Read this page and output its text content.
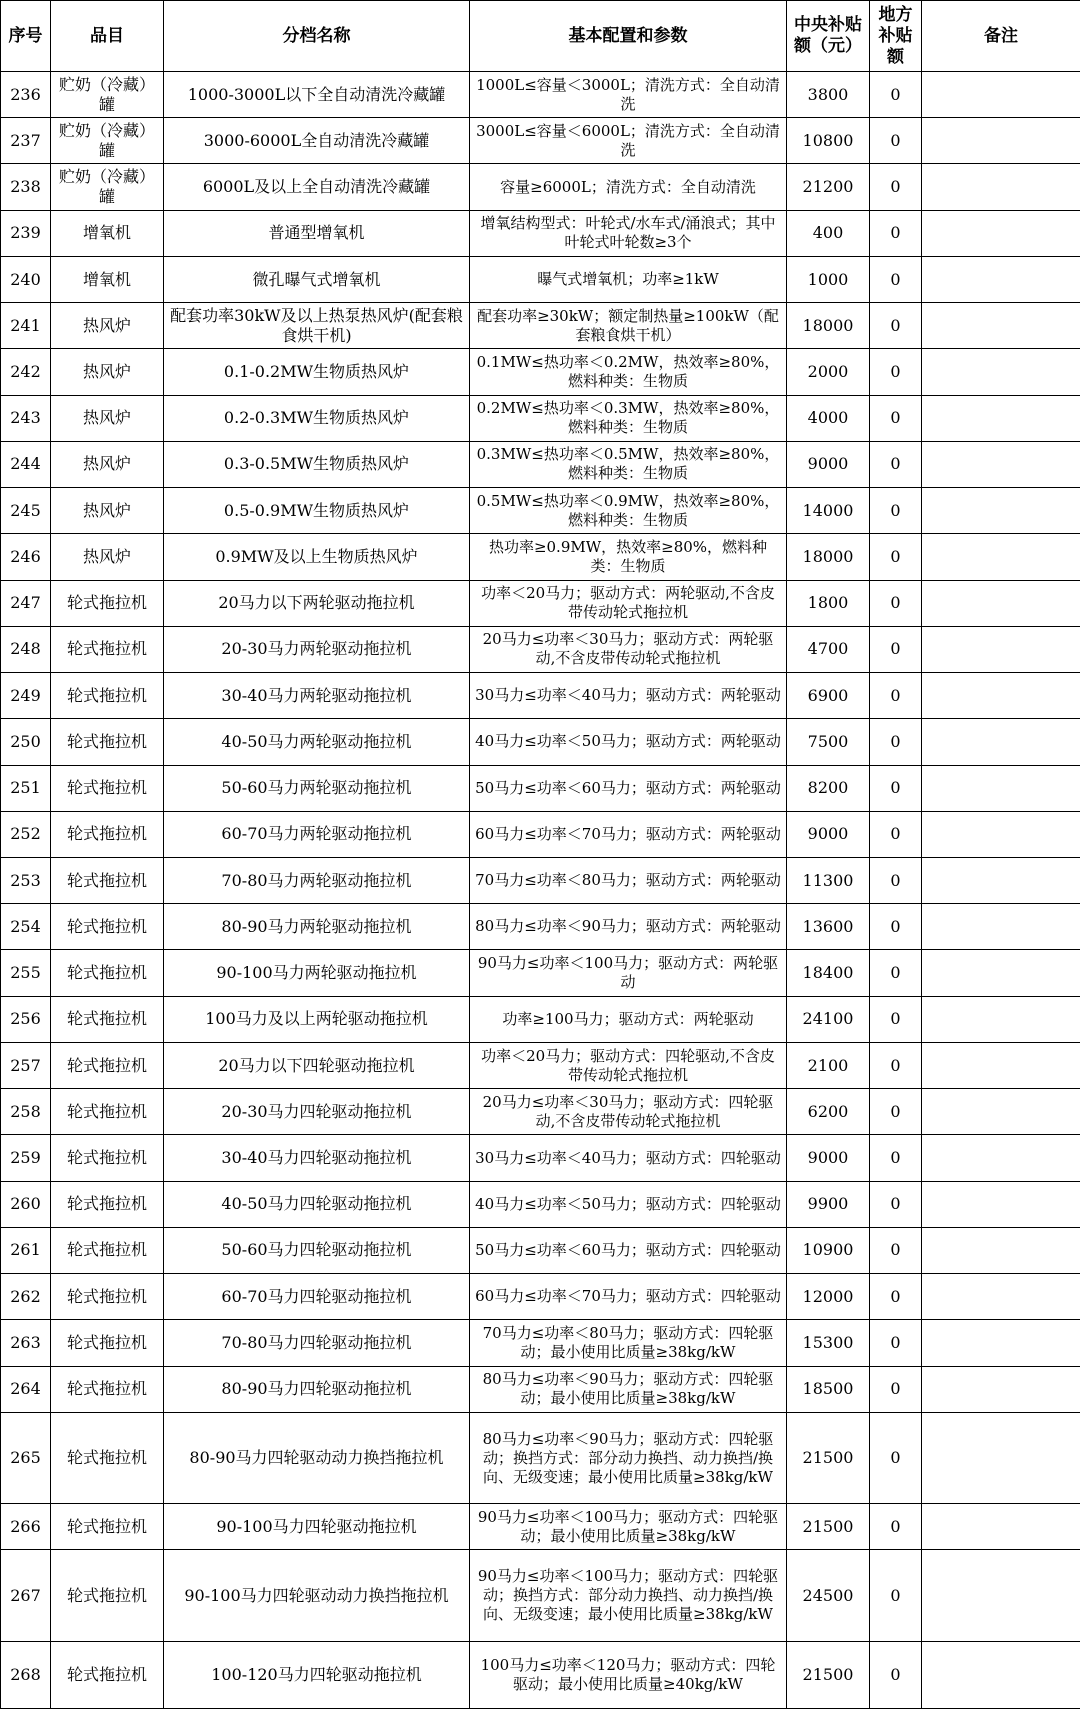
序号	品目	分档名称	基本配置和参数	中央补贴额（元）	地方补贴额	备注
236	贮奶（冷藏）罐	1000-3000L以下全自动清洗冷藏罐	1000L≤容量＜3000L；清洗方式：全自动清洗	3800	0	
237	贮奶（冷藏）罐	3000-6000L全自动清洗冷藏罐	3000L≤容量＜6000L；清洗方式：全自动清洗	10800	0	
238	贮奶（冷藏）罐	6000L及以上全自动清洗冷藏罐	容量≥6000L；清洗方式：全自动清洗	21200	0	
239	增氧机	普通型增氧机	增氧结构型式：叶轮式/水车式/涌浪式；其中叶轮式叶轮数≥3个	400	0	
240	增氧机	微孔曝气式增氧机	曝气式增氧机；功率≥1kW	1000	0	
241	热风炉	配套功率30kW及以上热泵热风炉(配套粮食烘干机)	配套功率≥30kW；额定制热量≥100kW（配套粮食烘干机）	18000	0	
242	热风炉	0.1-0.2MW生物质热风炉	0.1MW≤热功率＜0.2MW，热效率≥80%，燃料种类：生物质	2000	0	
243	热风炉	0.2-0.3MW生物质热风炉	0.2MW≤热功率＜0.3MW，热效率≥80%，燃料种类：生物质	4000	0	
244	热风炉	0.3-0.5MW生物质热风炉	0.3MW≤热功率＜0.5MW，热效率≥80%，燃料种类：生物质	9000	0	
245	热风炉	0.5-0.9MW生物质热风炉	0.5MW≤热功率＜0.9MW，热效率≥80%，燃料种类：生物质	14000	0	
246	热风炉	0.9MW及以上生物质热风炉	热功率≥0.9MW，热效率≥80%，燃料种类：生物质	18000	0	
247	轮式拖拉机	20马力以下两轮驱动拖拉机	功率＜20马力；驱动方式：两轮驱动,不含皮带传动轮式拖拉机	1800	0	
248	轮式拖拉机	20-30马力两轮驱动拖拉机	20马力≤功率＜30马力；驱动方式：两轮驱动,不含皮带传动轮式拖拉机	4700	0	
249	轮式拖拉机	30-40马力两轮驱动拖拉机	30马力≤功率＜40马力；驱动方式：两轮驱动	6900	0	
250	轮式拖拉机	40-50马力两轮驱动拖拉机	40马力≤功率＜50马力；驱动方式：两轮驱动	7500	0	
251	轮式拖拉机	50-60马力两轮驱动拖拉机	50马力≤功率＜60马力；驱动方式：两轮驱动	8200	0	
252	轮式拖拉机	60-70马力两轮驱动拖拉机	60马力≤功率＜70马力；驱动方式：两轮驱动	9000	0	
253	轮式拖拉机	70-80马力两轮驱动拖拉机	70马力≤功率＜80马力；驱动方式：两轮驱动	11300	0	
254	轮式拖拉机	80-90马力两轮驱动拖拉机	80马力≤功率＜90马力；驱动方式：两轮驱动	13600	0	
255	轮式拖拉机	90-100马力两轮驱动拖拉机	90马力≤功率＜100马力；驱动方式：两轮驱动	18400	0	
256	轮式拖拉机	100马力及以上两轮驱动拖拉机	功率≥100马力；驱动方式：两轮驱动	24100	0	
257	轮式拖拉机	20马力以下四轮驱动拖拉机	功率＜20马力；驱动方式：四轮驱动,不含皮带传动轮式拖拉机	2100	0	
258	轮式拖拉机	20-30马力四轮驱动拖拉机	20马力≤功率＜30马力；驱动方式：四轮驱动,不含皮带传动轮式拖拉机	6200	0	
259	轮式拖拉机	30-40马力四轮驱动拖拉机	30马力≤功率＜40马力；驱动方式：四轮驱动	9000	0	
260	轮式拖拉机	40-50马力四轮驱动拖拉机	40马力≤功率＜50马力；驱动方式：四轮驱动	9900	0	
261	轮式拖拉机	50-60马力四轮驱动拖拉机	50马力≤功率＜60马力；驱动方式：四轮驱动	10900	0	
262	轮式拖拉机	60-70马力四轮驱动拖拉机	60马力≤功率＜70马力；驱动方式：四轮驱动	12000	0	
263	轮式拖拉机	70-80马力四轮驱动拖拉机	70马力≤功率＜80马力；驱动方式：四轮驱动；最小使用比质量≥38kg/kW	15300	0	
264	轮式拖拉机	80-90马力四轮驱动拖拉机	80马力≤功率＜90马力；驱动方式：四轮驱动；最小使用比质量≥38kg/kW	18500	0	
265	轮式拖拉机	80-90马力四轮驱动动力换挡拖拉机	80马力≤功率＜90马力；驱动方式：四轮驱动；换挡方式：部分动力换挡、动力换挡/换向、无级变速；最小使用比质量≥38kg/kW	21500	0	
266	轮式拖拉机	90-100马力四轮驱动拖拉机	90马力≤功率＜100马力；驱动方式：四轮驱动；最小使用比质量≥38kg/kW	21500	0	
267	轮式拖拉机	90-100马力四轮驱动动力换挡拖拉机	90马力≤功率＜100马力；驱动方式：四轮驱动；换挡方式：部分动力换挡、动力换挡/换向、无级变速；最小使用比质量≥38kg/kW	24500	0	
268	轮式拖拉机	100-120马力四轮驱动拖拉机	100马力≤功率＜120马力；驱动方式：四轮驱动；最小使用比质量≥40kg/kW	21500	0	
